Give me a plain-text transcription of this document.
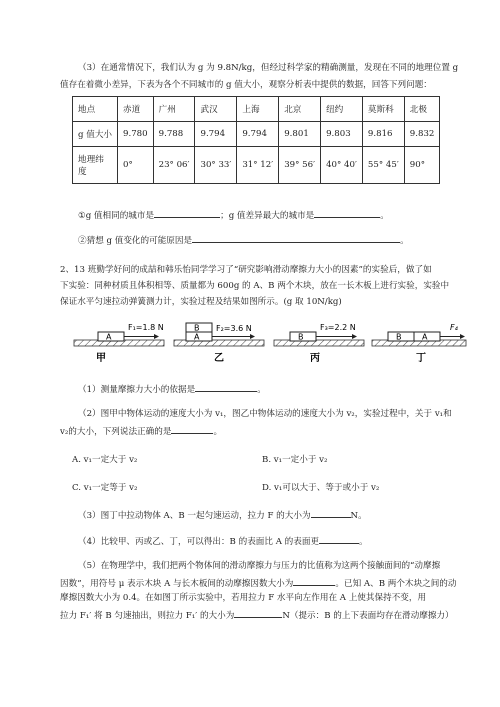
（3）在通常情况下，我们认为 g 为 9.8N/kg，但经过科学家的精确测量，发现在不同的地理位置 g
值存在着微小差异，下表为各个不同城市的 g 值大小，观察分析表中提供的数据，回答下列问题：
地点	赤道	广州	武汉	上海	北京	纽约	莫斯科	北极
g 值大小	9.780	9.788	9.794	9.794	9.801	9.803	9.816	9.832
地理纬
度	0°	23° 06′	30° 33′	31° 12′	39° 56′	40° 40′	55° 45′	90°
①g 值相同的城市是	；g 值差异最大的城市是	。
②猜想 g 值变化的可能原因是	。
2、13 班勤学好问的成喆和韩乐怡同学学习了“研究影响滑动摩擦力大小的因素”的实验后，做了如
下实验：同种材质且体积相等、质量都为 600g 的 A、B 两个木块，放在一长木板上进行实验，实验中
保证水平匀速拉动弹簧测力计，实验过程及结果如图所示。(g 取 10N/kg)
A
F₁=1.8 N
甲
A
B F₂=3.6 N
乙
B
F₃=2.2 N
丙
B	A
F₄
丁
（1）测量摩擦力大小的依据是	。
（2）图甲中物体运动的速度大小为 v₁，图乙中物体运动的速度大小为 v₂，实验过程中，关于 v₁和
v₂的大小，下列说法正确的是	。
A. v₁一定大于 v₂	B. v₁一定小于 v₂
C. v₁一定等于 v₂	D. v₁可以大于、等于或小于 v₂
（3）图丁中拉动物体 A、B 一起匀速运动，拉力 F 的大小为	N。
（4）比较甲、丙或乙、丁，可以得出：B 的表面比 A 的表面更	。
（5）在物理学中，我们把两个物体间的滑动摩擦力与压力的比值称为这两个接触面间的“动摩擦
因数”，用符号 μ 表示木块 A 与长木板间的动摩擦因数大小为	。已知 A、B 两个木块之间的动
摩擦因数大小为 0.4。在如图丁所示实验中，若用拉力 F 水平向左作用在 A 上使其保持不变，用
拉力 F₁′ 将 B 匀速抽出，则拉力 F₁′ 的大小为	N（提示：B 的上下表面均存在滑动摩擦力）
